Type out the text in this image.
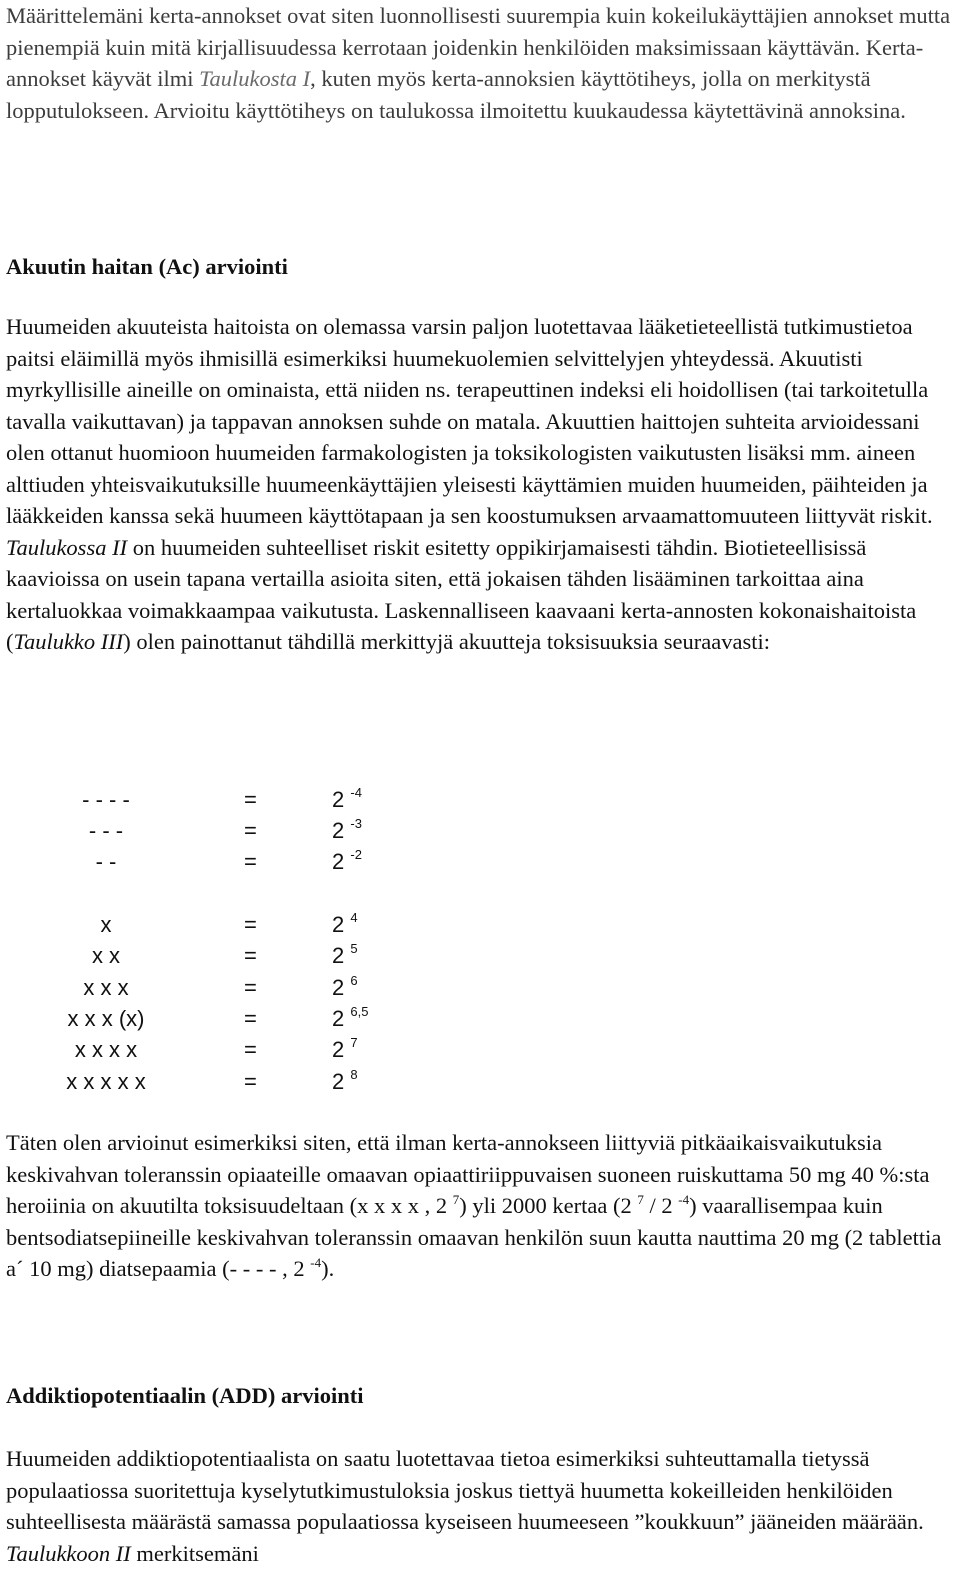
Määrittelemäni kerta-annokset ovat siten luonnollisesti suurempia kuin kokeilukäyttäjien annokset mutta pienempiä kuin mitä kirjallisuudessa kerrotaan joidenkin henkilöiden maksimissaan käyttävän. Kerta-annokset käyvät ilmi Taulukosta I, kuten myös kerta-annoksien käyttötiheys, jolla on merkitystä lopputulokseen. Arvioitu käyttötiheys on taulukossa ilmoitettu kuukaudessa käytettävinä annoksina.

Akuutin haitan (Ac) arviointi

Huumeiden akuuteista haitoista on olemassa varsin paljon luotettavaa lääketieteellistä tutkimustietoa paitsi eläimillä myös ihmisillä esimerkiksi huumekuolemien selvittelyjen yhteydessä. Akuutisti myrkyllisille aineille on ominaista, että niiden ns. terapeuttinen indeksi eli hoidollisen (tai tarkoitetulla tavalla vaikuttavan) ja tappavan annoksen suhde on matala. Akuuttien haittojen suhteita arvioidessani olen ottanut huomioon huumeiden farmakologisten ja toksikologisten vaikutusten lisäksi mm. aineen alttiuden yhteisvaikutuksille huumeenkäyttäjien yleisesti käyttämien muiden huumeiden, päihteiden ja lääkkeiden kanssa sekä huumeen käyttötapaan ja sen koostumuksen arvaamattomuuteen liittyvät riskit. Taulukossa II on huumeiden suhteelliset riskit esitetty oppikirjamaisesti tähdin. Biotieteellisissä kaavioissa on usein tapana vertailla asioita siten, että jokaisen tähden lisääminen tarkoittaa aina kertaluokkaa voimakkaampaa vaikutusta. Laskennalliseen kaavaani kerta-annosten kokonaishaitoista (Taulukko III) olen painottanut tähdillä merkittyjä akuutteja toksisuuksia seuraavasti:

- - - -	=	2 $^{-4}$
- - -	=	2 $^{-3}$
- -	=	2 $^{-2}$
x	=	2 $^4$
x x	=	2 $^5$
x x x	=	2 $^6$
x x x (x)	=	2 $^{6,5}$
x x x x	=	2 $^7$
x x x x x	=	2 $^8$

Täten olen arvioinut esimerkiksi siten, että ilman kerta-annokseen liittyviä pitkäaikaisvaikutuksia keskivahvan toleranssin opiaateille omaavan opiaattiriippuvaisen suoneen ruiskuttama 50 mg 40 %:sta heroiinia on akuutilta toksisuudeltaan (x x x x , 2 $^7$) yli 2000 kertaa (2 $^7$ / 2 $^{-4}$) vaarallisempaa kuin bentsodiatsepiineille keskivahvan toleranssin omaavan henkilön suun kautta nauttima 20 mg (2 tablettia a´ 10 mg) diatsepaamia (- - - - , 2 $^{-4}$).

Addiktiopotentiaalin (ADD) arviointi

Huumeiden addiktiopotentiaalista on saatu luotettavaa tietoa esimerkiksi suhteuttamalla tietyssä populaatiossa suoritettuja kyselytutkimustuloksia joskus tiettyä huumetta kokeilleiden henkilöiden suhteellisesta määrästä samassa populaatiossa kyseiseen huumeeseen ”koukkuun” jääneiden määrään. Taulukkoon II merkitsemäni
